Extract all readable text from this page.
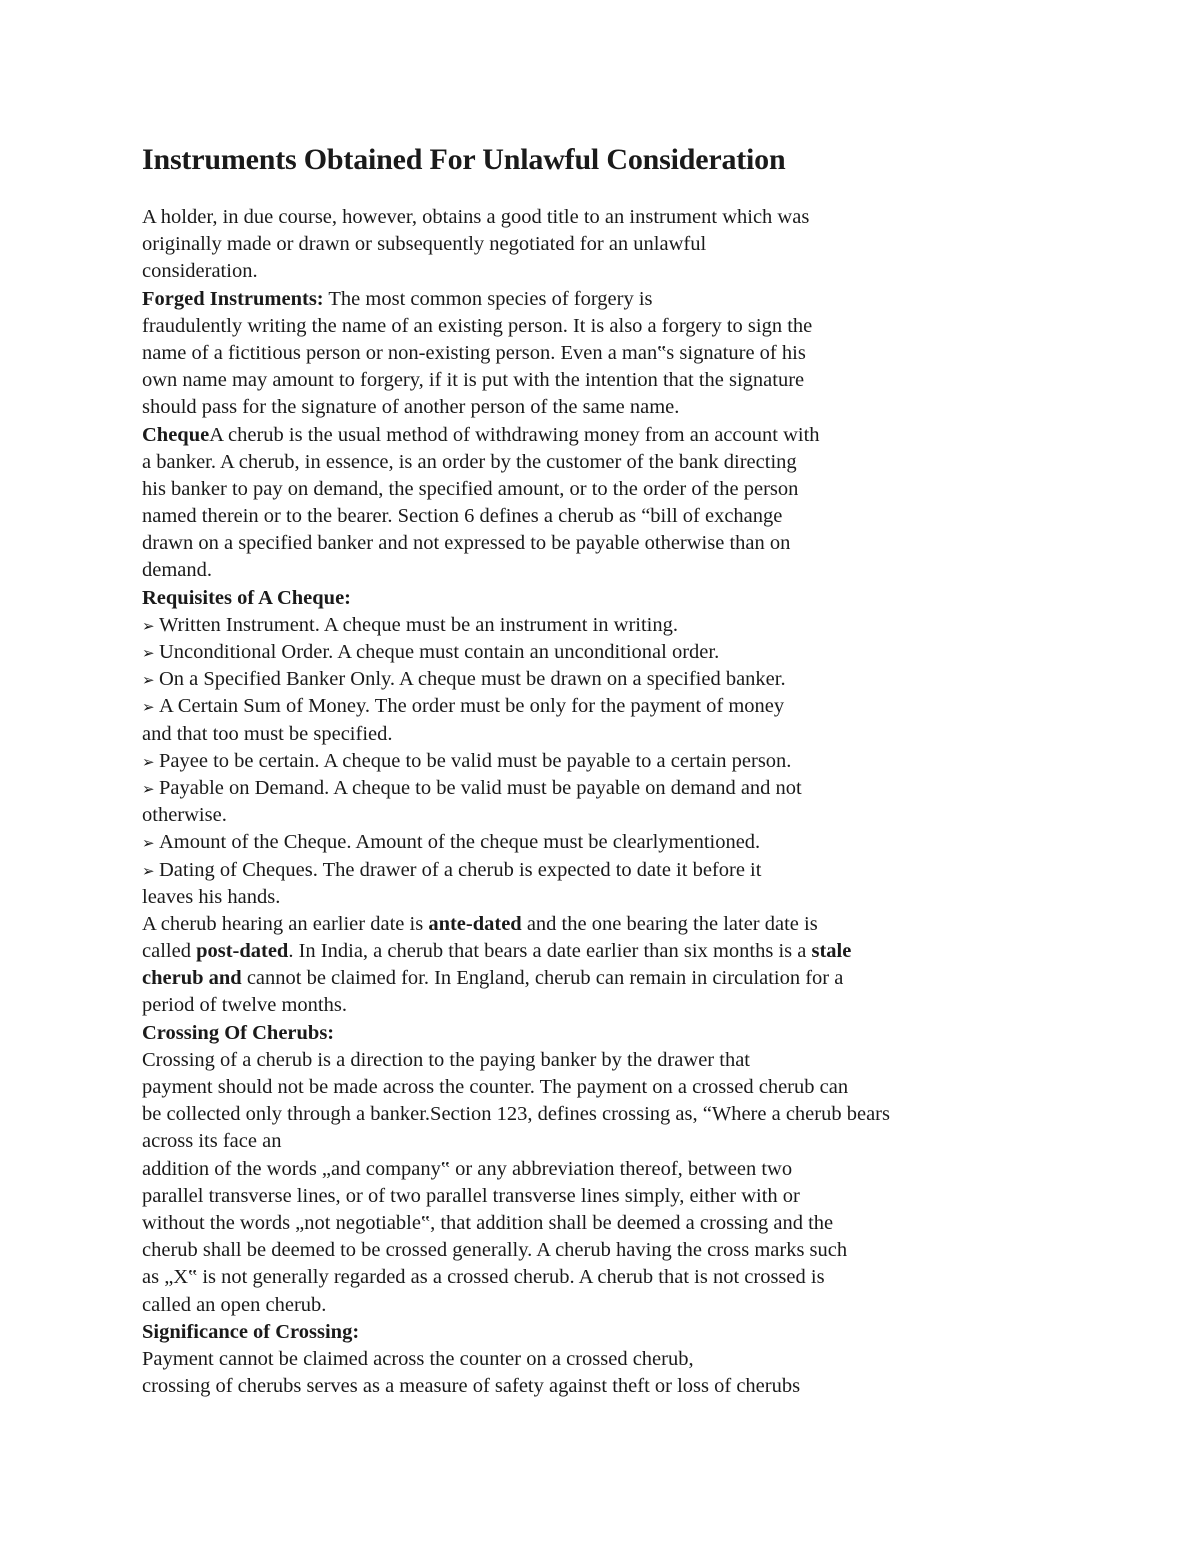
Instruments Obtained For Unlawful Consideration
A holder, in due course, however, obtains a good title to an instrument which was
originally made or drawn or subsequently negotiated for an unlawful
consideration.
Forged Instruments: The most common species of forgery is
fraudulently writing the name of an existing person. It is also a forgery to sign the
name of a fictitious person or non-existing person. Even a man‟s signature of his
own name may amount to forgery, if it is put with the intention that the signature
should pass for the signature of another person of the same name.
ChequeA cherub is the usual method of withdrawing money from an account with
a banker. A cherub, in essence, is an order by the customer of the bank directing
his banker to pay on demand, the specified amount, or to the order of the person
named therein or to the bearer. Section 6 defines a cherub as “bill of exchange
drawn on a specified banker and not expressed to be payable otherwise than on
demand.
Requisites of A Cheque:
➢ Written Instrument. A cheque must be an instrument in writing.
➢ Unconditional Order. A cheque must contain an unconditional order.
➢ On a Specified Banker Only. A cheque must be drawn on a specified banker.
➢ A Certain Sum of Money. The order must be only for the payment of money
and that too must be specified.
➢ Payee to be certain. A cheque to be valid must be payable to a certain person.
➢ Payable on Demand. A cheque to be valid must be payable on demand and not
otherwise.
➢ Amount of the Cheque. Amount of the cheque must be clearlymentioned.
➢ Dating of Cheques. The drawer of a cherub is expected to date it before it
leaves his hands.
A cherub hearing an earlier date is ante-dated and the one bearing the later date is
called post-dated. In India, a cherub that bears a date earlier than six months is a stale
cherub and cannot be claimed for. In England, cherub can remain in circulation for a
period of twelve months.
Crossing Of Cherubs:
Crossing of a cherub is a direction to the paying banker by the drawer that
payment should not be made across the counter. The payment on a crossed cherub can
be collected only through a banker.Section 123, defines crossing as, “Where a cherub bears
across its face an
addition of the words „and company‟ or any abbreviation thereof, between two
parallel transverse lines, or of two parallel transverse lines simply, either with or
without the words „not negotiable‟, that addition shall be deemed a crossing and the
cherub shall be deemed to be crossed generally. A cherub having the cross marks such
as „X‟ is not generally regarded as a crossed cherub. A cherub that is not crossed is
called an open cherub.
Significance of Crossing:
Payment cannot be claimed across the counter on a crossed cherub,
crossing of cherubs serves as a measure of safety against theft or loss of cherubs
